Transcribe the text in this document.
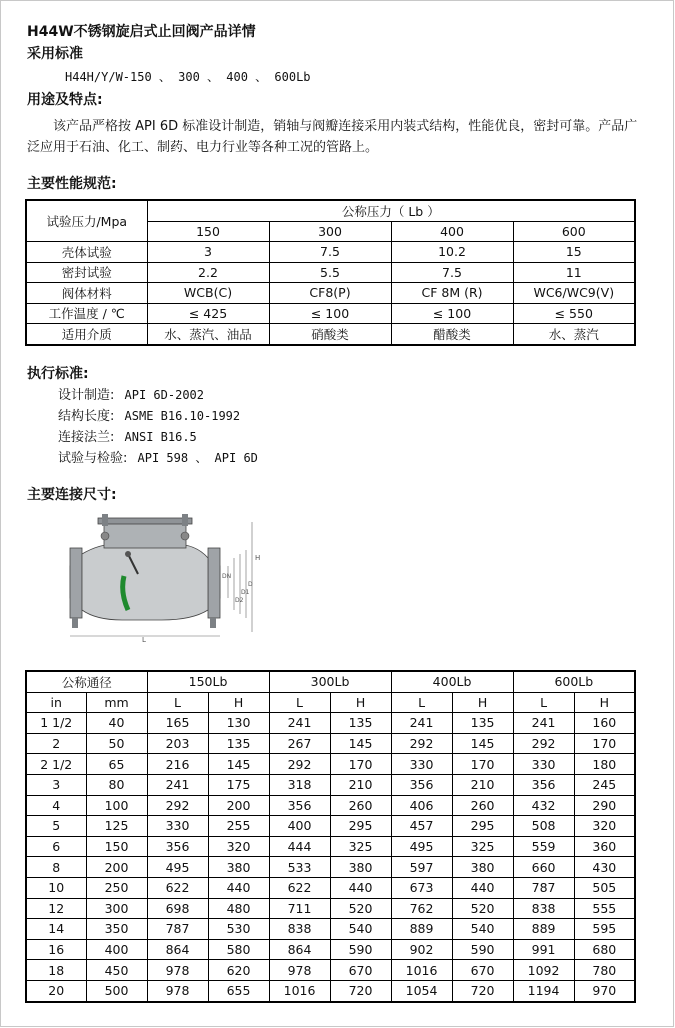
H44W不锈钢旋启式止回阀产品详情
采用标准
H44H/Y/W-150 、 300 、 400 、 600Lb
用途及特点:
该产品严格按 API 6D 标准设计制造，销轴与阀瓣连接采用内装式结构，性能优良，密封可靠。产品广泛应用于石油、化工、制药、电力行业等各种工况的管路上。
主要性能规范:
试验压力/Mpa	公称压力（ Lb ）			
	150	300	400	600
壳体试验	3	7.5	10.2	15
密封试验	2.2	5.5	7.5	11
阀体材料	WCB(C)	CF8(P)	CF 8M (R)	WC6/WC9(V)
工作温度 / ℃	≤ 425	≤ 100	≤ 100	≤ 550
适用介质	水、蒸汽、油品	硝酸类	醋酸类	水、蒸汽
执行标准:
设计制造: API 6D-2002
结构长度: ASME B16.10-1992
连接法兰: ANSI B16.5
试验与检验: API 598 、 API 6D
主要连接尺寸:
H
L
D
D1
D2
DN
公称通径		150Lb		300Lb		400Lb		600Lb	
in	mm	L	H	L	H	L	H	L	H
1 1/2	40	165	130	241	135	241	135	241	160
2	50	203	135	267	145	292	145	292	170
2 1/2	65	216	145	292	170	330	170	330	180
3	80	241	175	318	210	356	210	356	245
4	100	292	200	356	260	406	260	432	290
5	125	330	255	400	295	457	295	508	320
6	150	356	320	444	325	495	325	559	360
8	200	495	380	533	380	597	380	660	430
10	250	622	440	622	440	673	440	787	505
12	300	698	480	711	520	762	520	838	555
14	350	787	530	838	540	889	540	889	595
16	400	864	580	864	590	902	590	991	680
18	450	978	620	978	670	1016	670	1092	780
20	500	978	655	1016	720	1054	720	1194	970
